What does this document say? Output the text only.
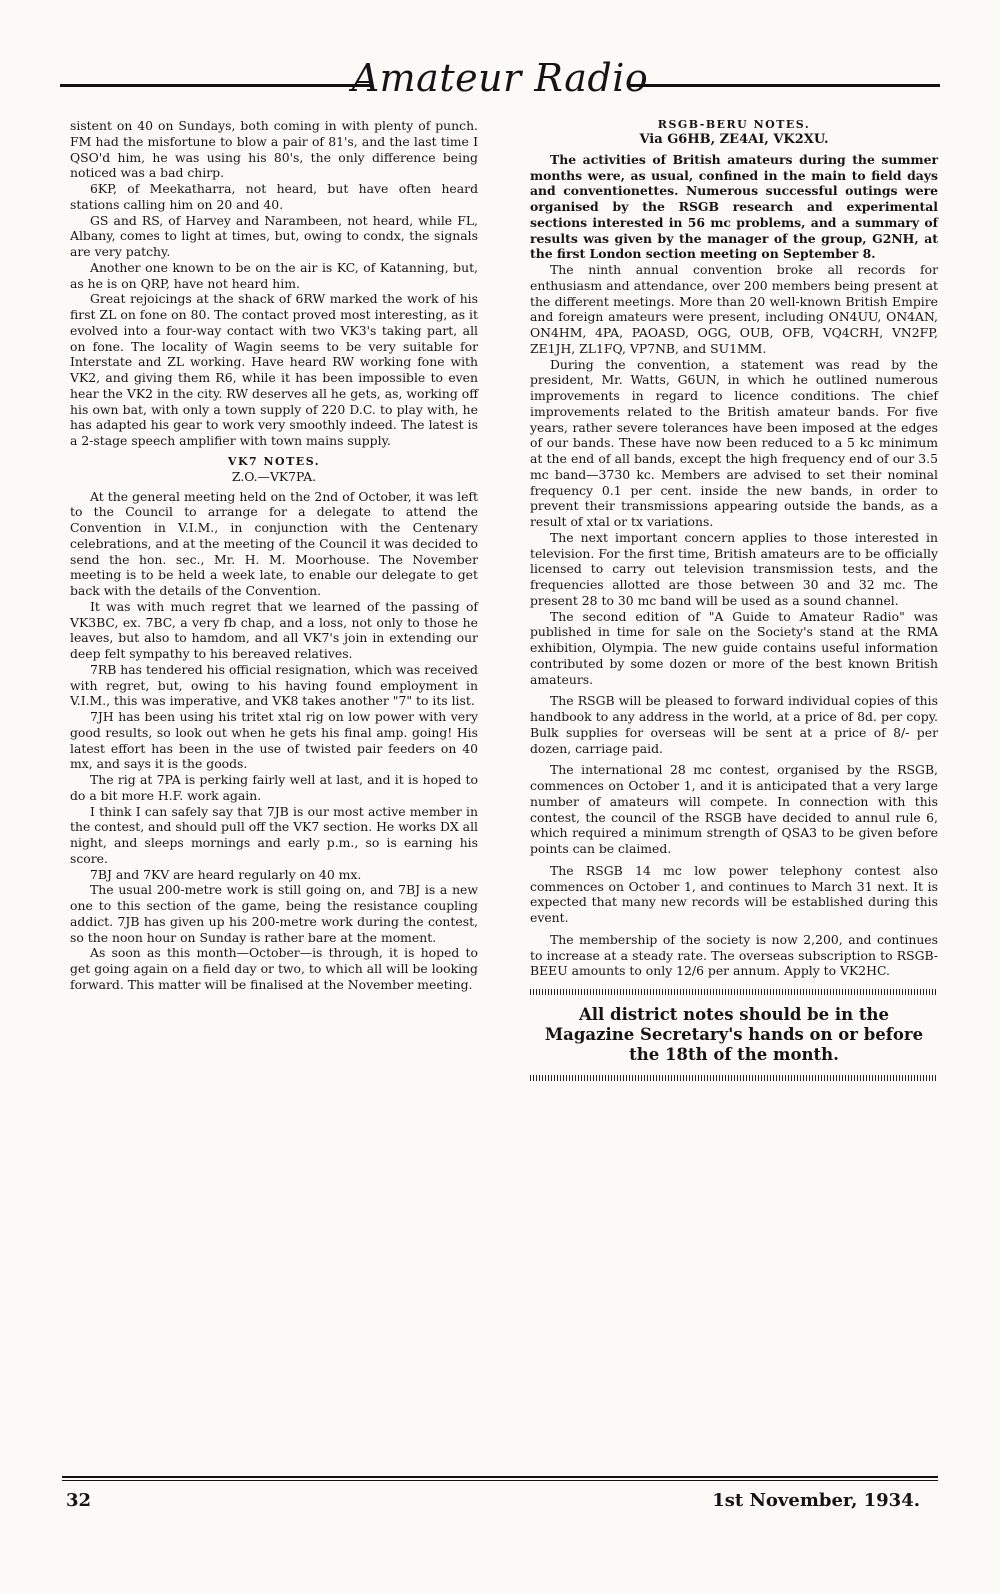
Amateur Radio

sistent on 40 on Sundays, both coming in with plenty of punch. FM had the misfortune to blow a pair of 81's, and the last time I QSO'd him, he was using his 80's, the only difference being noticed was a bad chirp.

6KP, of Meekatharra, not heard, but have often heard stations calling him on 20 and 40.

GS and RS, of Harvey and Narambeen, not heard, while FL, Albany, comes to light at times, but, owing to condx, the signals are very patchy.

Another one known to be on the air is KC, of Katanning, but, as he is on QRP, have not heard him.

Great rejoicings at the shack of 6RW marked the work of his first ZL on fone on 80. The contact proved most interesting, as it evolved into a four-way contact with two VK3's taking part, all on fone. The locality of Wagin seems to be very suitable for Interstate and ZL working. Have heard RW working fone with VK2, and giving them R6, while it has been impossible to even hear the VK2 in the city. RW deserves all he gets, as, working off his own bat, with only a town supply of 220 D.C. to play with, he has adapted his gear to work very smoothly indeed. The latest is a 2-stage speech amplifier with town mains supply.

VK7 NOTES.

Z.O.—VK7PA.

At the general meeting held on the 2nd of October, it was left to the Council to arrange for a delegate to attend the Convention in V.I.M., in conjunction with the Centenary celebrations, and at the meeting of the Council it was decided to send the hon. sec., Mr. H. M. Moorhouse. The November meeting is to be held a week late, to enable our delegate to get back with the details of the Convention.

It was with much regret that we learned of the passing of VK3BC, ex. 7BC, a very fb chap, and a loss, not only to those he leaves, but also to hamdom, and all VK7's join in extending our deep felt sympathy to his bereaved relatives.

7RB has tendered his official resignation, which was received with regret, but, owing to his having found employment in V.I.M., this was imperative, and VK8 takes another "7" to its list.

7JH has been using his tritet xtal rig on low power with very good results, so look out when he gets his final amp. going! His latest effort has been in the use of twisted pair feeders on 40 mx, and says it is the goods.

The rig at 7PA is perking fairly well at last, and it is hoped to do a bit more H.F. work again.

I think I can safely say that 7JB is our most active member in the contest, and should pull off the VK7 section. He works DX all night, and sleeps mornings and early p.m., so is earning his score.

7BJ and 7KV are heard regularly on 40 mx.

The usual 200-metre work is still going on, and 7BJ is a new one to this section of the game, being the resistance coupling addict. 7JB has given up his 200-metre work during the contest, so the noon hour on Sunday is rather bare at the moment.

As soon as this month—October—is through, it is hoped to get going again on a field day or two, to which all will be looking forward. This matter will be finalised at the November meeting.

RSGB-BERU NOTES.

Via G6HB, ZE4AI, VK2XU.

The activities of British amateurs during the summer months were, as usual, confined in the main to field days and conventionettes. Numerous successful outings were organised by the RSGB research and experimental sections interested in 56 mc problems, and a summary of results was given by the manager of the group, G2NH, at the first London section meeting on September 8.

The ninth annual convention broke all records for enthusiasm and attendance, over 200 members being present at the different meetings. More than 20 well-known British Empire and foreign amateurs were present, including ON4UU, ON4AN, ON4HM, 4PA, PAOASD, OGG, OUB, OFB, VQ4CRH, VN2FP, ZE1JH, ZL1FQ, VP7NB, and SU1MM.

During the convention, a statement was read by the president, Mr. Watts, G6UN, in which he outlined numerous improvements in regard to licence conditions. The chief improvements related to the British amateur bands. For five years, rather severe tolerances have been imposed at the edges of our bands. These have now been reduced to a 5 kc minimum at the end of all bands, except the high frequency end of our 3.5 mc band—3730 kc. Members are advised to set their nominal frequency 0.1 per cent. inside the new bands, in order to prevent their transmissions appearing outside the bands, as a result of xtal or tx variations.

The next important concern applies to those interested in television. For the first time, British amateurs are to be officially licensed to carry out television transmission tests, and the frequencies allotted are those between 30 and 32 mc. The present 28 to 30 mc band will be used as a sound channel.

The second edition of "A Guide to Amateur Radio" was published in time for sale on the Society's stand at the RMA exhibition, Olympia. The new guide contains useful information contributed by some dozen or more of the best known British amateurs.

The RSGB will be pleased to forward individual copies of this handbook to any address in the world, at a price of 8d. per copy. Bulk supplies for overseas will be sent at a price of 8/- per dozen, carriage paid.

The international 28 mc contest, organised by the RSGB, commences on October 1, and it is anticipated that a very large number of amateurs will compete. In connection with this contest, the council of the RSGB have decided to annul rule 6, which required a minimum strength of QSA3 to be given before points can be claimed.

The RSGB 14 mc low power telephony contest also commences on October 1, and continues to March 31 next. It is expected that many new records will be established during this event.

The membership of the society is now 2,200, and continues to increase at a steady rate. The overseas subscription to RSGB-BEEU amounts to only 12/6 per annum. Apply to VK2HC.

All district notes should be in the Magazine Secretary's hands on or before the 18th of the month.
32	1st November, 1934.
